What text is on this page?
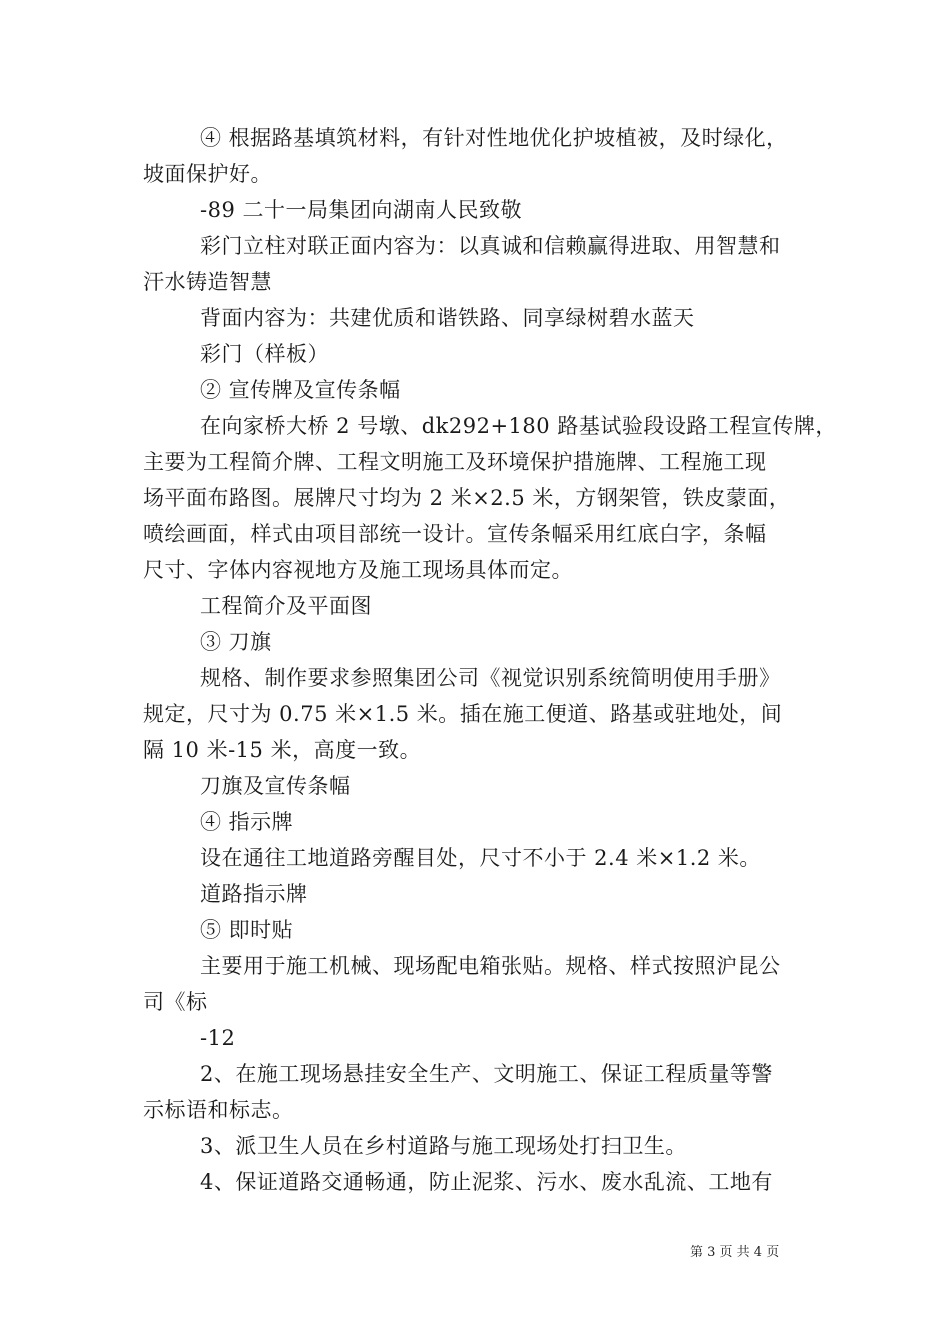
④ 根据路基填筑材料，有针对性地优化护坡植被，及时绿化，
坡面保护好。
-89 二十一局集团向湖南人民致敬
彩门立柱对联正面内容为：以真诚和信赖赢得进取、用智慧和
汗水铸造智慧
背面内容为：共建优质和谐铁路、同享绿树碧水蓝天
彩门（样板）
② 宣传牌及宣传条幅
在向家桥大桥 2 号墩、dk292+180 路基试验段设路工程宣传牌，
主要为工程简介牌、工程文明施工及环境保护措施牌、工程施工现
场平面布路图。展牌尺寸均为 2 米×2.5 米，方钢架管，铁皮蒙面，
喷绘画面，样式由项目部统一设计。宣传条幅采用红底白字，条幅
尺寸、字体内容视地方及施工现场具体而定。
工程简介及平面图
③ 刀旗
规格、制作要求参照集团公司《视觉识别系统简明使用手册》
规定，尺寸为 0.75 米×1.5 米。插在施工便道、路基或驻地处，间
隔 10 米-15 米，高度一致。
刀旗及宣传条幅
④ 指示牌
设在通往工地道路旁醒目处，尺寸不小于 2.4 米×1.2 米。
道路指示牌
⑤ 即时贴
主要用于施工机械、现场配电箱张贴。规格、样式按照沪昆公
司《标
-12
2、在施工现场悬挂安全生产、文明施工、保证工程质量等警
示标语和标志。
3、派卫生人员在乡村道路与施工现场处打扫卫生。
4、保证道路交通畅通，防止泥浆、污水、废水乱流、工地有
第 3 页 共 4 页
